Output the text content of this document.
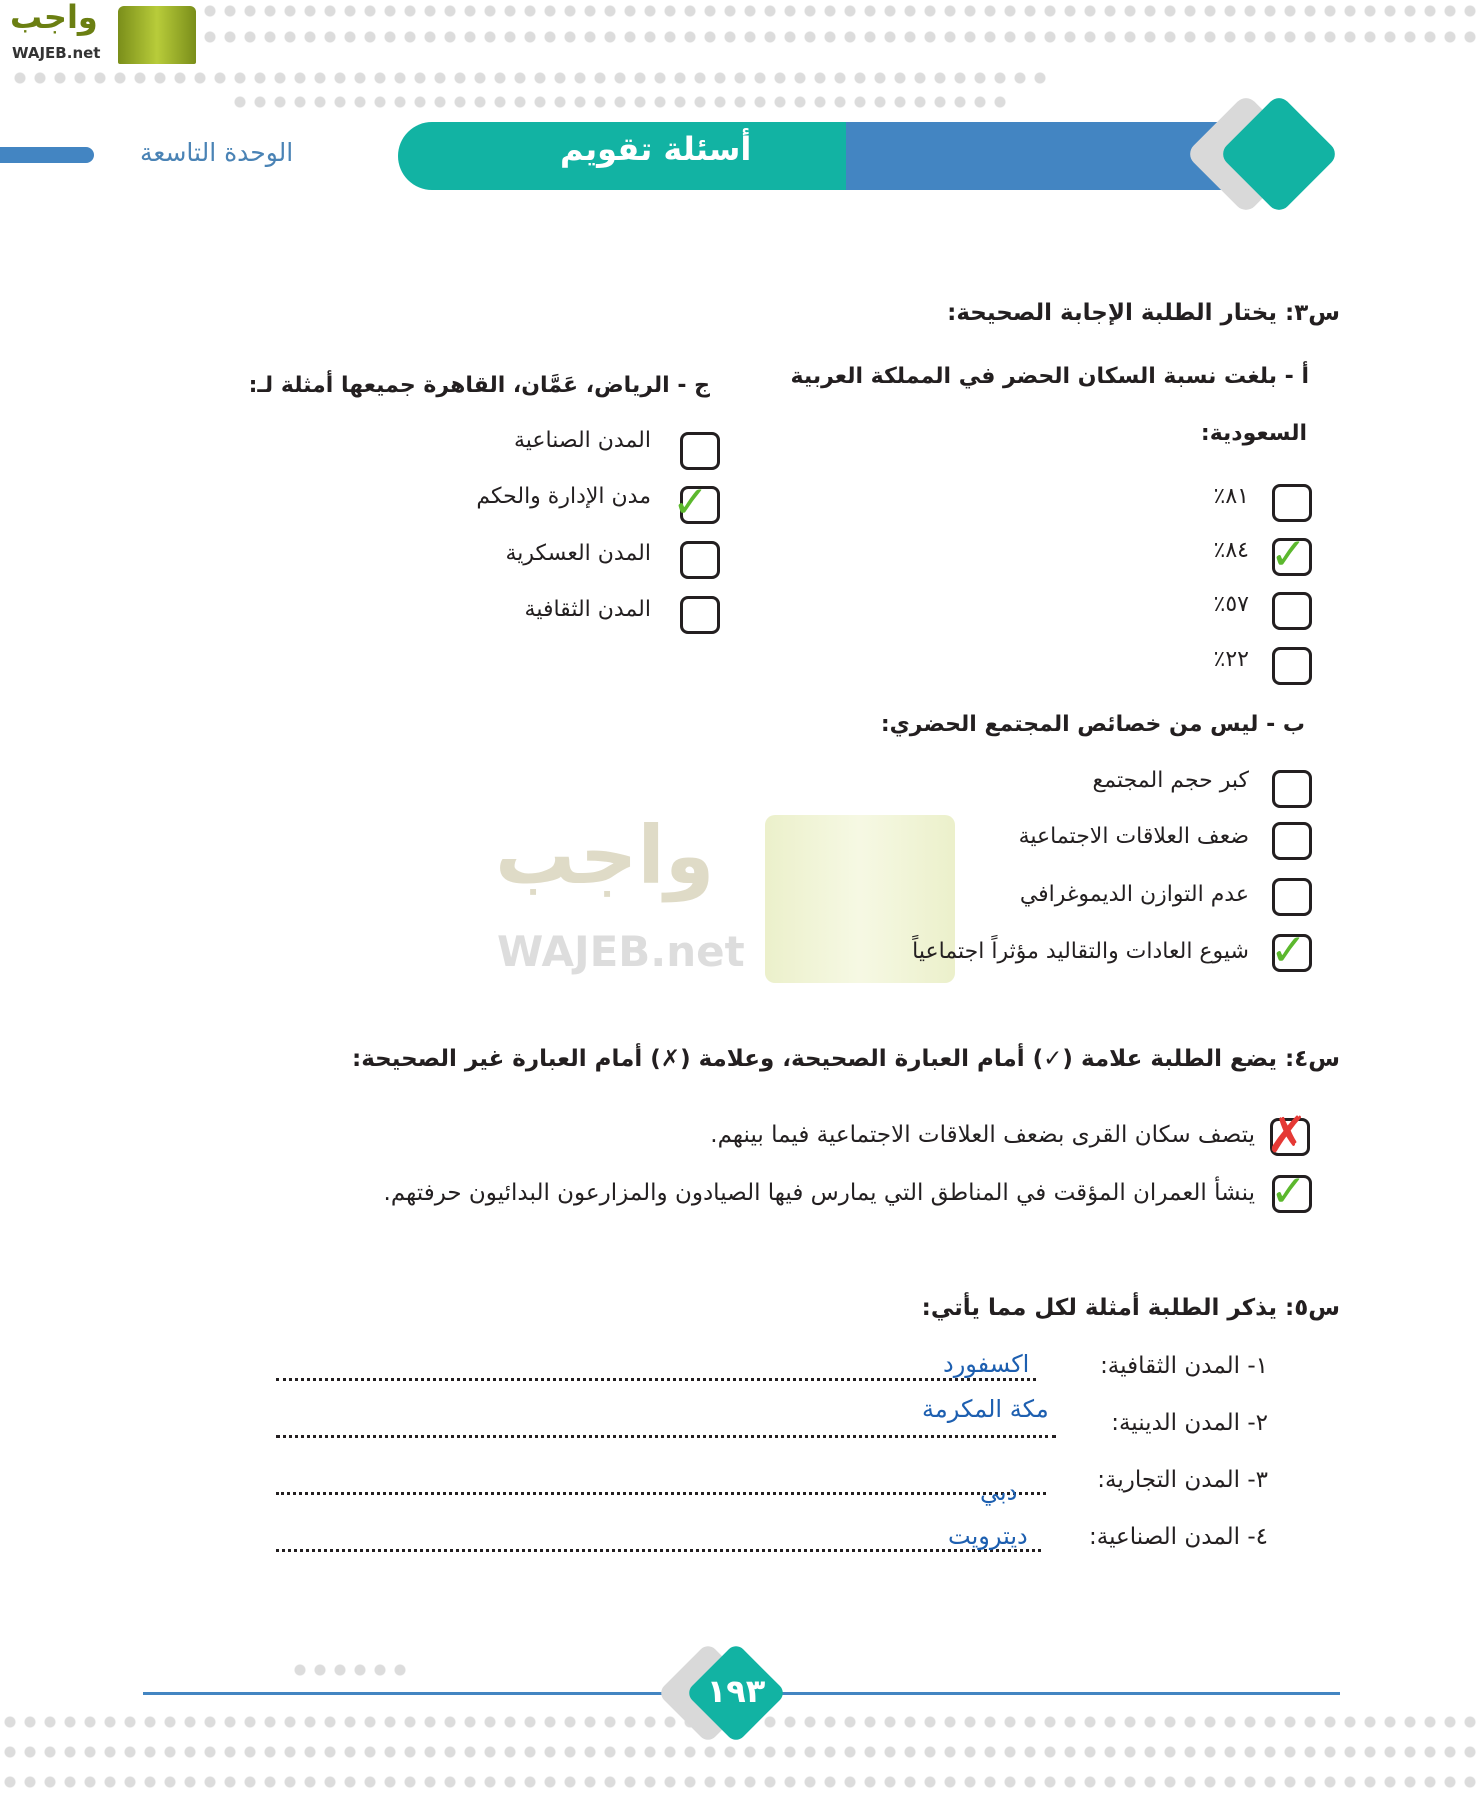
واجب
WAJEB.net
واجب
WAJEB.net
الوحدة التاسعة	أسئلة تقويم
س٣: يختار الطلبة الإجابة الصحيحة:
أ - بلغت نسبة السكان الحضر في المملكة العربية
السعودية:
٨١٪
✓
٨٤٪
٥٧٪
٢٢٪
ج - الرياض، عَمَّان، القاهرة جميعها أمثلة لـ:
المدن الصناعية
✓
مدن الإدارة والحكم
المدن العسكرية
المدن الثقافية
ب - ليس من خصائص المجتمع الحضري:
كبر حجم المجتمع
ضعف العلاقات الاجتماعية
عدم التوازن الديموغرافي
✓
شيوع العادات والتقاليد مؤثراً اجتماعياً
س٤: يضع الطلبة علامة (✓) أمام العبارة الصحيحة، وعلامة (✗) أمام العبارة غير الصحيحة:
✗
يتصف سكان القرى بضعف العلاقات الاجتماعية فيما بينهم.
✓
ينشأ العمران المؤقت في المناطق التي يمارس فيها الصيادون والمزارعون البدائيون حرفتهم.
س٥: يذكر الطلبة أمثلة لكل مما يأتي:
١- المدن الثقافية:
اكسفورد
٢- المدن الدينية:
مكة المكرمة
٣- المدن التجارية:
دبي
٤- المدن الصناعية:
ديترويت
١٩٣
